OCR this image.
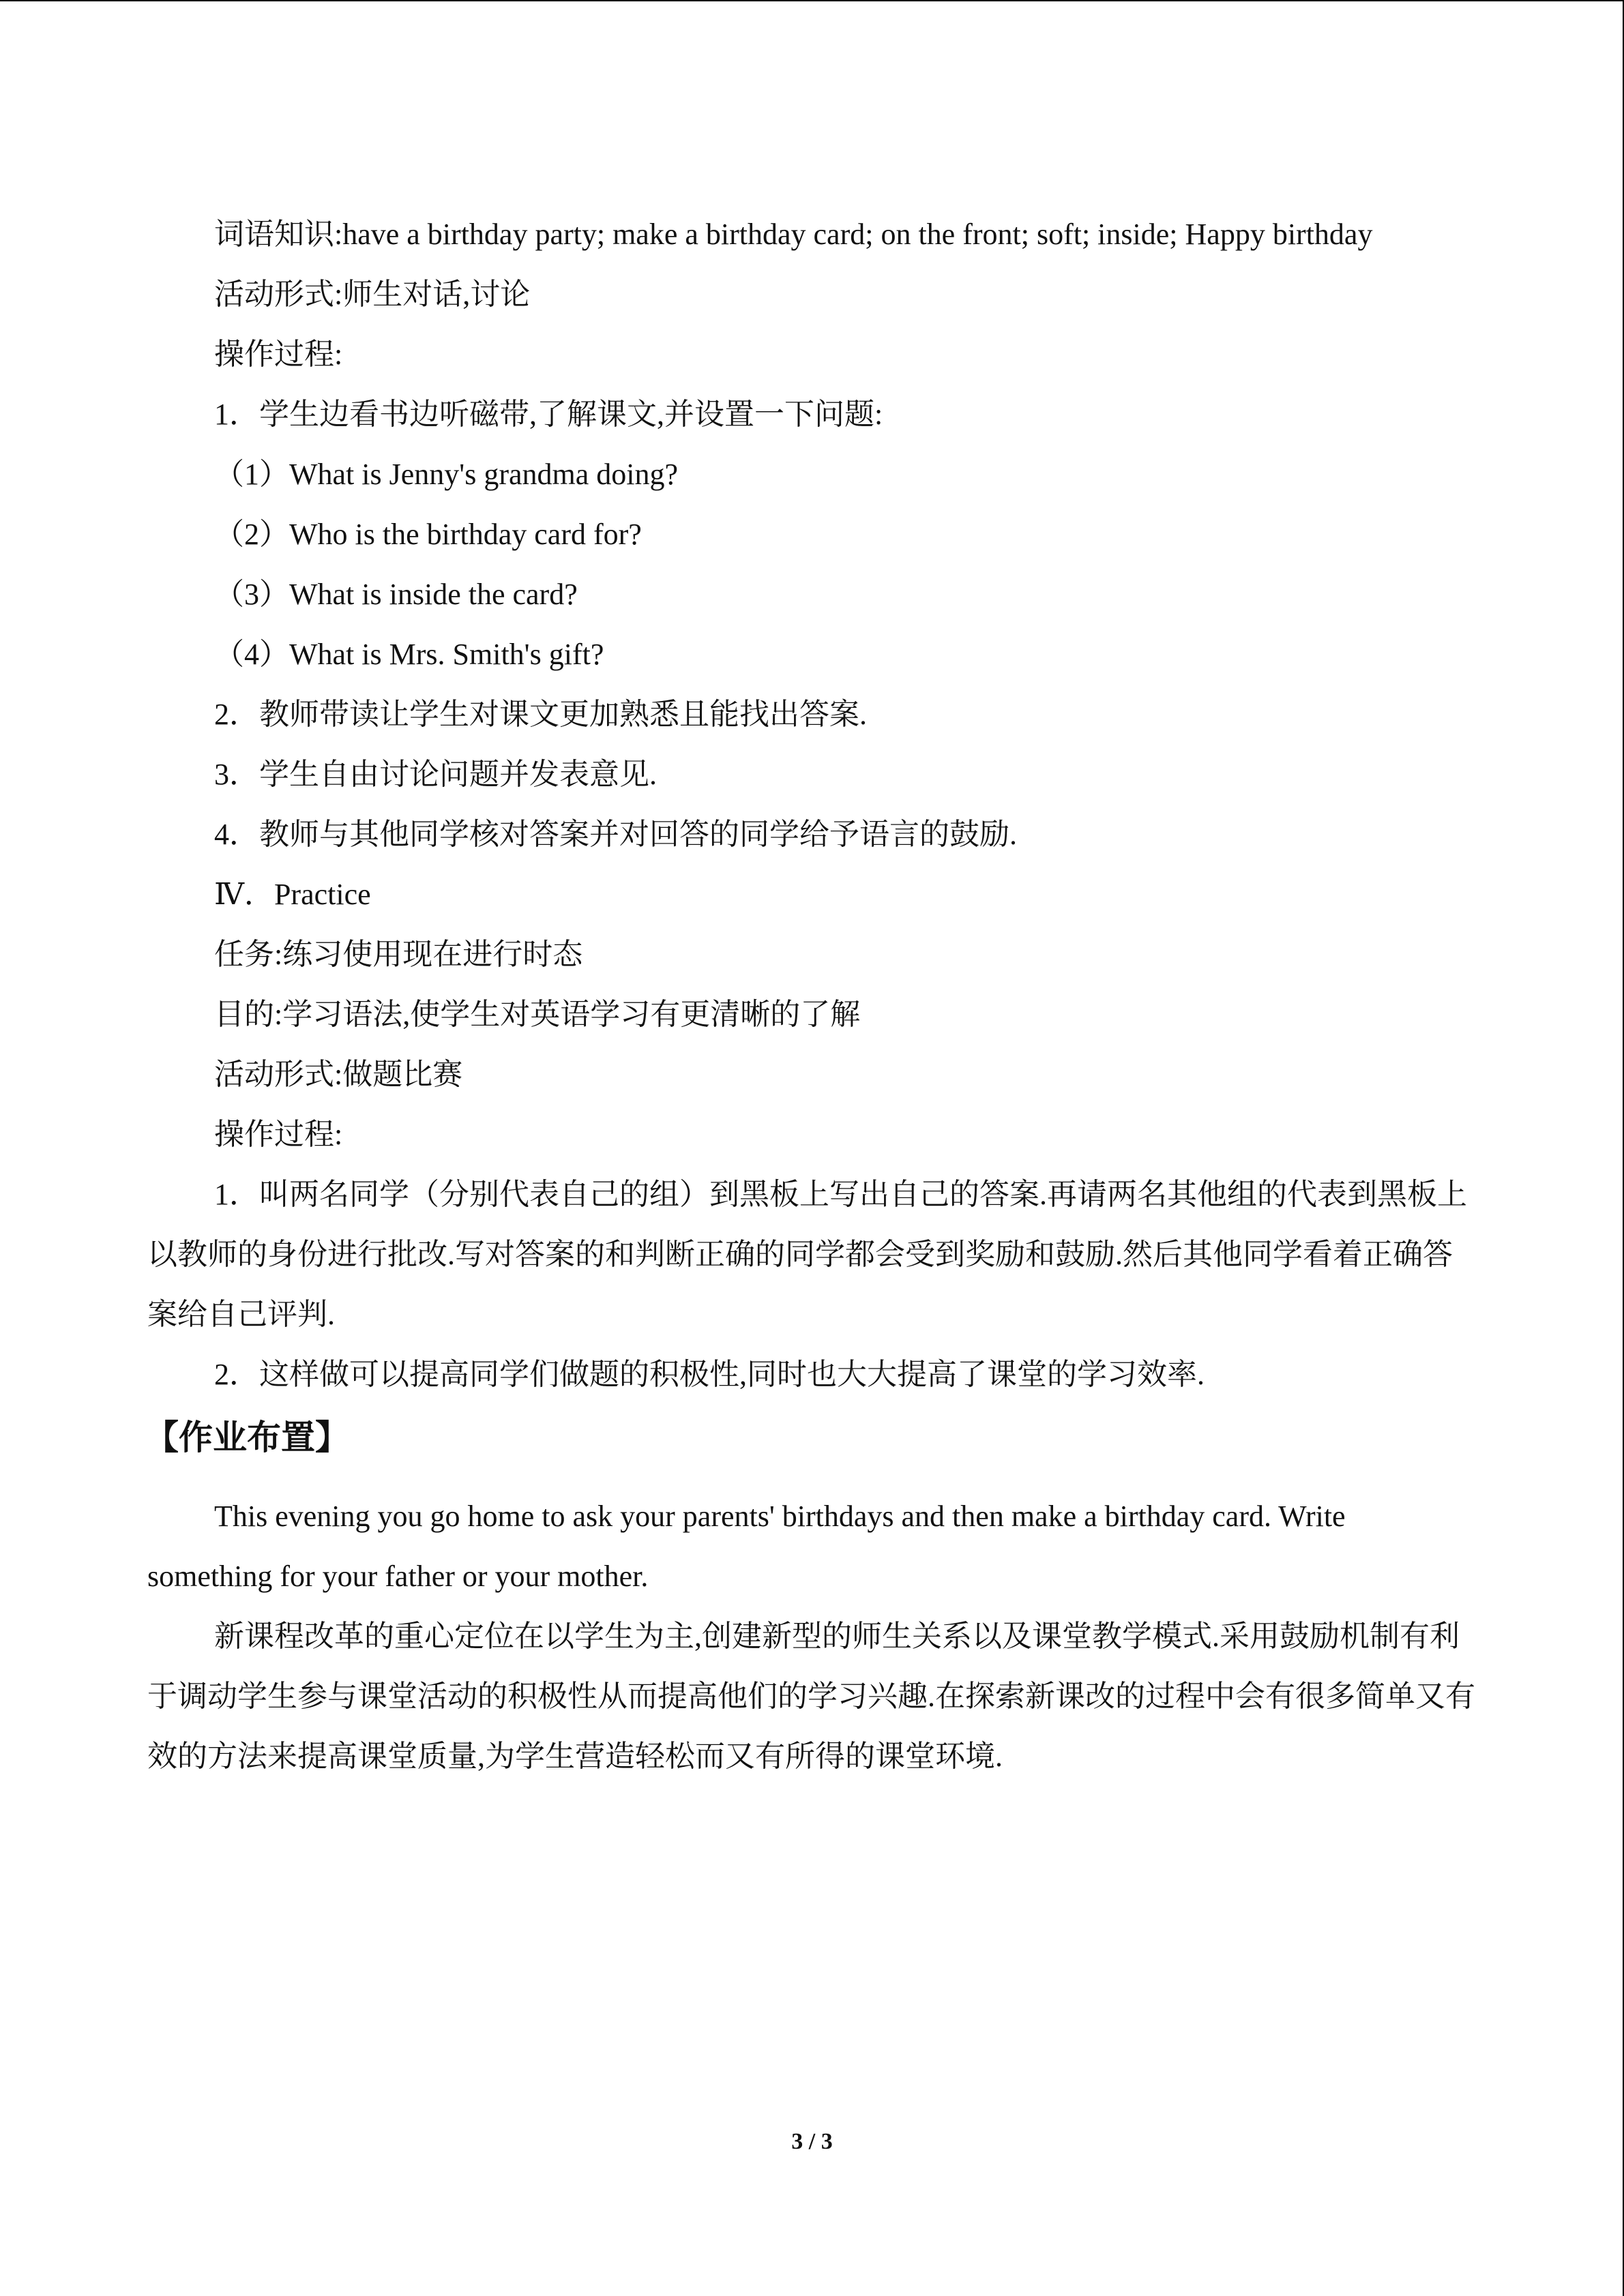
词语知识:have a birthday party; make a birthday card; on the front; soft; inside; Happy birthday
活动形式:师生对话,讨论
操作过程:
1．学生边看书边听磁带,了解课文,并设置一下问题:
（1）What is Jenny's grandma doing?
（2）Who is the birthday card for?
（3）What is inside the card?
（4）What is Mrs. Smith's gift?
2．教师带读让学生对课文更加熟悉且能找出答案.
3．学生自由讨论问题并发表意见.
4．教师与其他同学核对答案并对回答的同学给予语言的鼓励.
Ⅳ．Practice
任务:练习使用现在进行时态
目的:学习语法,使学生对英语学习有更清晰的了解
活动形式:做题比赛
操作过程:

1．叫两名同学（分别代表自己的组）到黑板上写出自己的答案.再请两名其他组的代表到黑板上以教师的身份进行批改.写对答案的和判断正确的同学都会受到奖励和鼓励.然后其他同学看着正确答案给自己评判.

2．这样做可以提高同学们做题的积极性,同时也大大提高了课堂的学习效率.

【作业布置】

This evening you go home to ask your parents' birthdays and then make a birthday card. Write something for your father or your mother.

新课程改革的重心定位在以学生为主,创建新型的师生关系以及课堂教学模式.采用鼓励机制有利于调动学生参与课堂活动的积极性从而提高他们的学习兴趣.在探索新课改的过程中会有很多简单又有效的方法来提高课堂质量,为学生营造轻松而又有所得的课堂环境.

3 / 3
